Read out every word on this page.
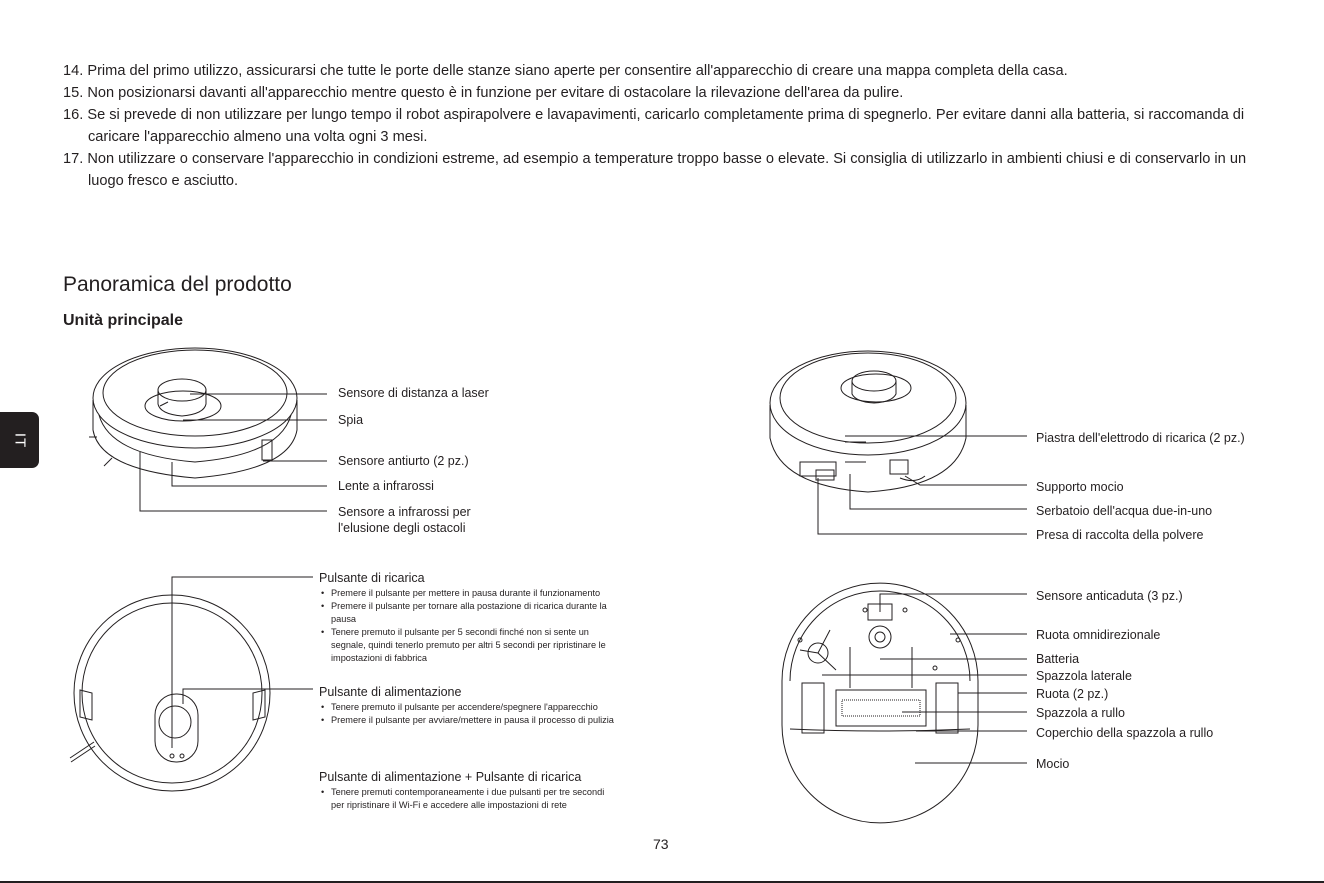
14. Prima del primo utilizzo, assicurarsi che tutte le porte delle stanze siano aperte per consentire all'apparecchio di creare una mappa completa della casa.

15. Non posizionarsi davanti all'apparecchio mentre questo è in funzione per evitare di ostacolare la rilevazione dell'area da pulire.

16. Se si prevede di non utilizzare per lungo tempo il robot aspirapolvere e lavapavimenti, caricarlo completamente prima di spegnerlo. Per evitare danni alla batteria, si raccomanda di caricare l'apparecchio almeno una volta ogni 3 mesi.

17. Non utilizzare o conservare l'apparecchio in condizioni estreme, ad esempio a temperature troppo basse o elevate. Si consiglia di utilizzarlo in ambienti chiusi e di conservarlo in un luogo fresco e asciutto.

Panoramica del prodotto
Unità principale
IT
Sensore di distanza a laser
Spia
Sensore antiurto (2 pz.)
Lente a infrarossi
Sensore a infrarossi per l'elusione degli ostacoli

Pulsante di ricarica

• Premere il pulsante per mettere in pausa durante il funzionamento
• Premere il pulsante per tornare alla postazione di ricarica durante la pausa
• Tenere premuto il pulsante per 5 secondi finché non si sente un segnale, quindi tenerlo premuto per altri 5 secondi per ripristinare le impostazioni di fabbrica

Pulsante di alimentazione

• Tenere premuto il pulsante per accendere/spegnere l'apparecchio
• Premere il pulsante per avviare/mettere in pausa il processo di pulizia

Pulsante di alimentazione + Pulsante di ricarica

• Tenere premuti contemporaneamente i due pulsanti per tre secondi per ripristinare il Wi-Fi e accedere alle impostazioni di rete
Piastra dell'elettrodo di ricarica (2 pz.)
Supporto mocio
Serbatoio dell'acqua due-in-uno
Presa di raccolta della polvere
Sensore anticaduta (3 pz.)
Ruota omnidirezionale
Batteria
Spazzola laterale
Ruota (2 pz.)
Spazzola a rullo
Coperchio della spazzola a rullo
Mocio
73
